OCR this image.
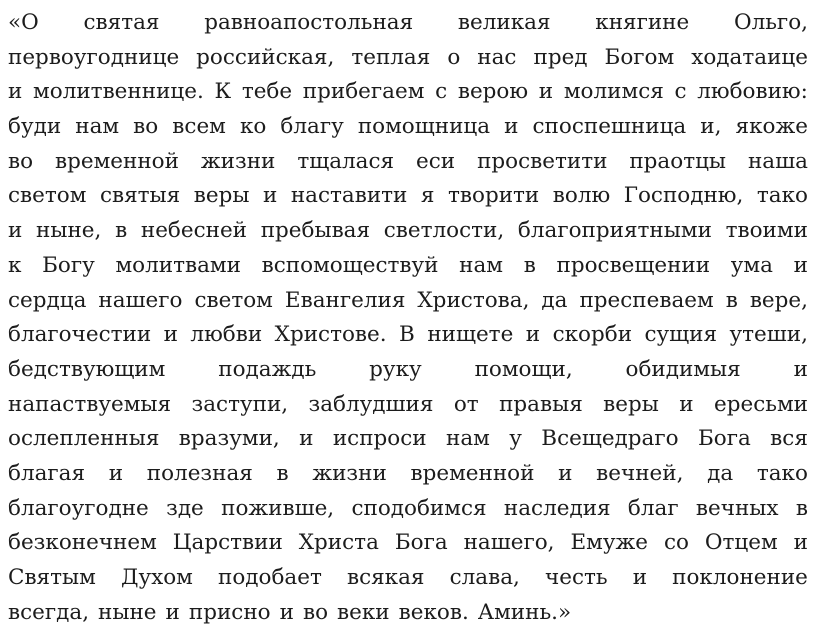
«О святая равноапостольная великая княгине Ольго,
первоугоднице российская, теплая о нас пред Богом ходатаице
и молитвеннице. К тебе прибегаем с верою и молимся с любовию:
буди нам во всем ко благу помощница и споспешница и, якоже
во временной жизни тщалася еси просветити праотцы наша
светом святыя веры и наставити я творити волю Господню, тако
и ныне, в небесней пребывая светлости, благоприятными твоими
к Богу молитвами вспомоществуй нам в просвещении ума и
сердца нашего светом Евангелия Христова, да преспеваем в вере,
благочестии и любви Христове. В нищете и скорби сущия утеши,
бедствующим подаждь руку помощи, обидимыя и
напаствуемыя заступи, заблудшия от правыя веры и ересьми
ослепленныя вразуми, и испроси нам у Всещедраго Бога вся
благая и полезная в жизни временной и вечней, да тако
благоугодне зде поживше, сподобимся наследия благ вечных в
безконечнем Царствии Христа Бога нашего, Емуже со Отцем и
Святым Духом подобает всякая слава, честь и поклонение
всегда, ныне и присно и во веки веков. Аминь.»
